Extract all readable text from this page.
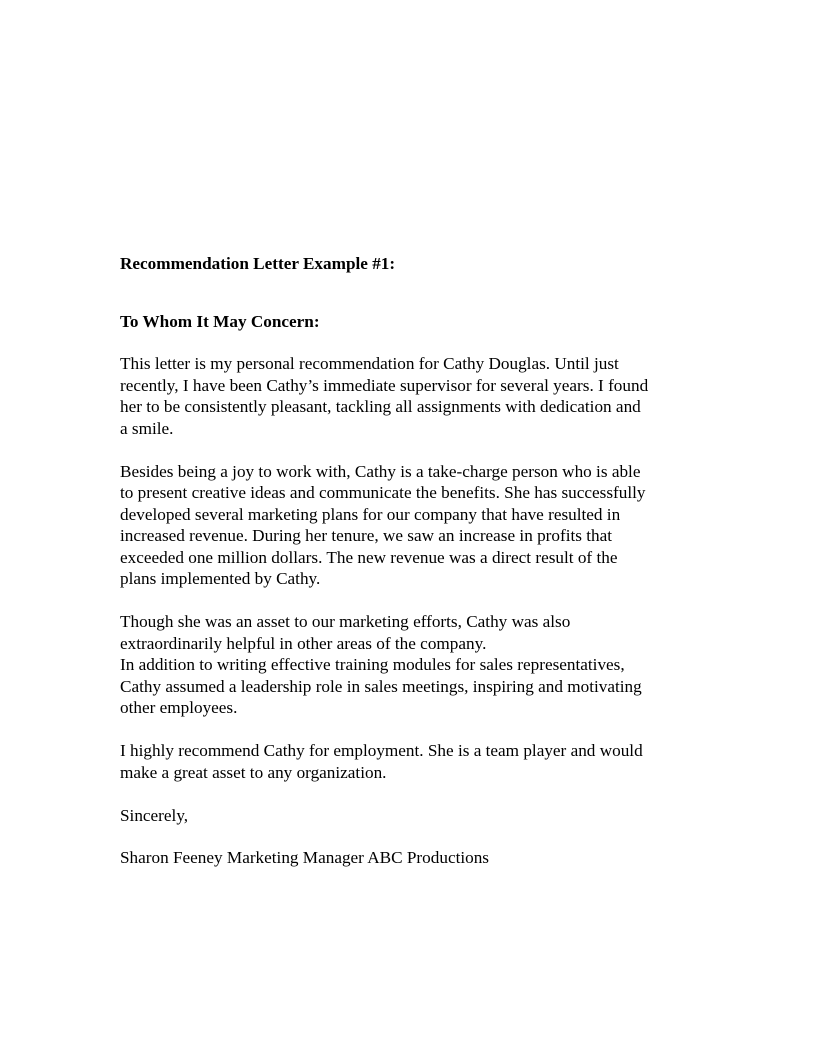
Recommendation Letter Example #1:
To Whom It May Concern:
This letter is my personal recommendation for Cathy Douglas. Until just
recently, I have been Cathy’s immediate supervisor for several years. I found
her to be consistently pleasant, tackling all assignments with dedication and
a smile.
Besides being a joy to work with, Cathy is a take-charge person who is able
to present creative ideas and communicate the benefits. She has successfully
developed several marketing plans for our company that have resulted in
increased revenue. During her tenure, we saw an increase in profits that
exceeded one million dollars. The new revenue was a direct result of the
plans implemented by Cathy.
Though she was an asset to our marketing efforts, Cathy was also
extraordinarily helpful in other areas of the company.
In addition to writing effective training modules for sales representatives,
Cathy assumed a leadership role in sales meetings, inspiring and motivating
other employees.
I highly recommend Cathy for employment. She is a team player and would
make a great asset to any organization.
Sincerely,
Sharon Feeney Marketing Manager ABC Productions
